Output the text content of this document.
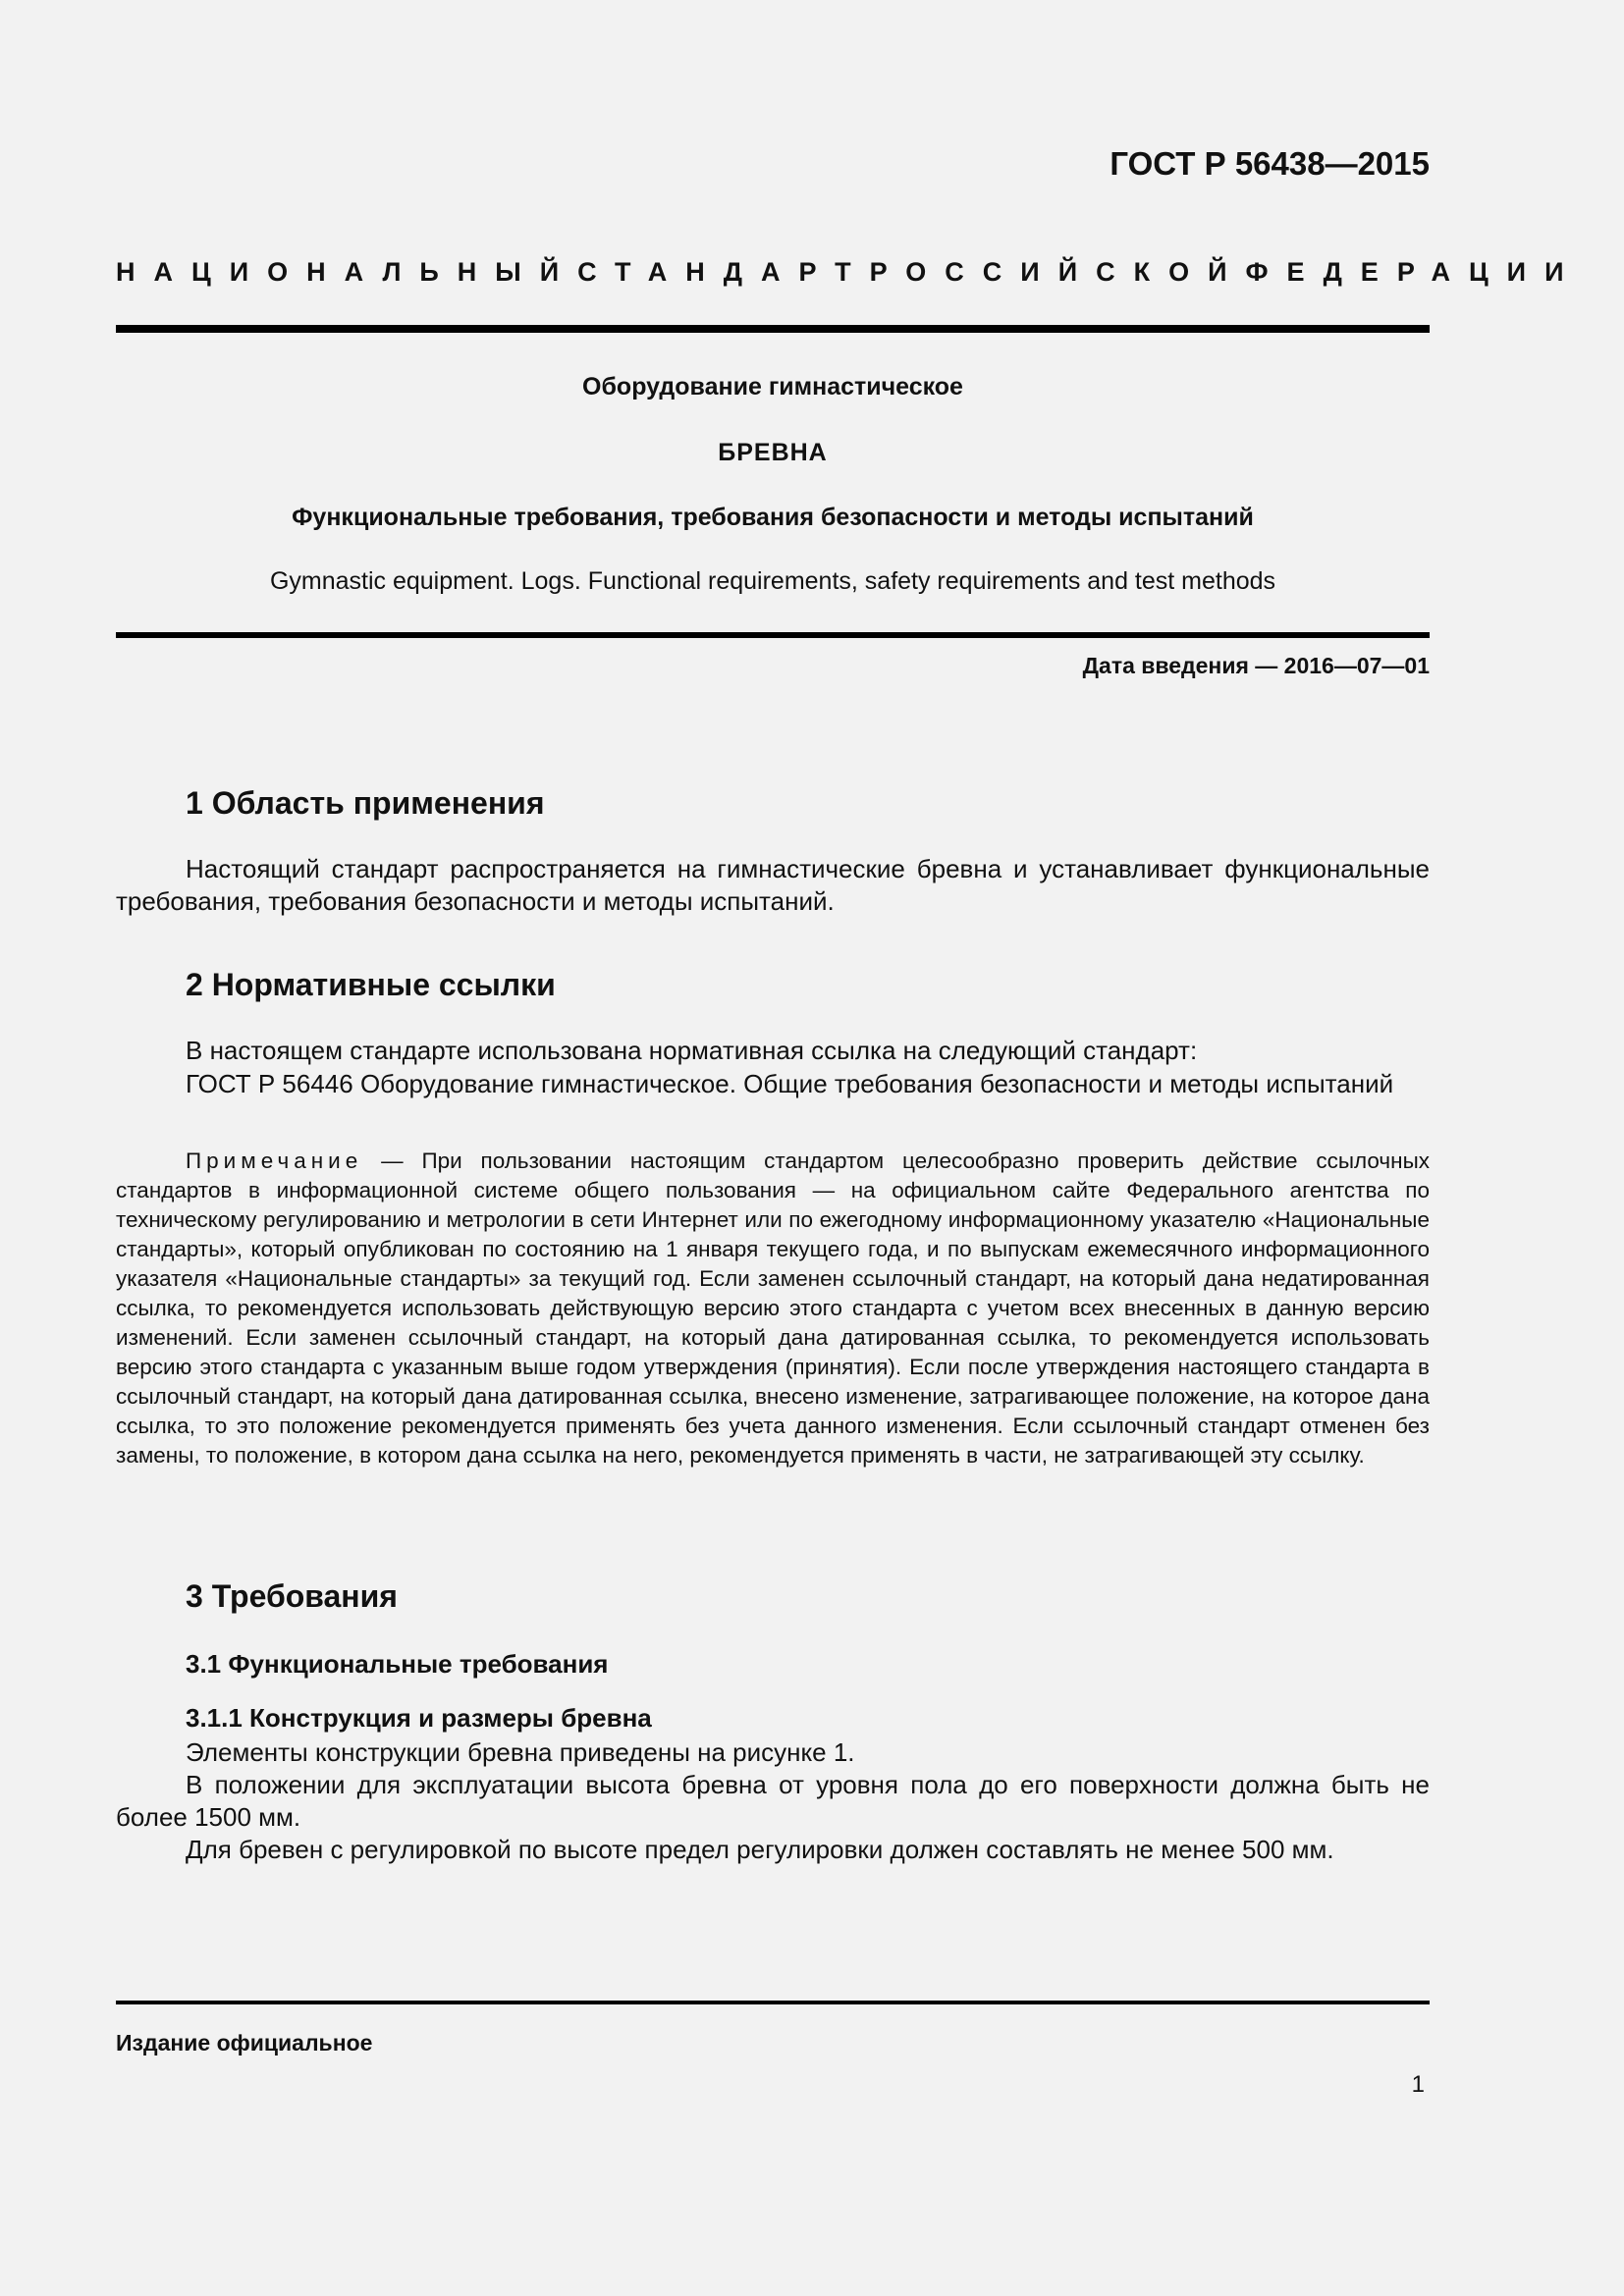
ГОСТ Р 56438—2015
НАЦИОНАЛЬНЫЙ СТАНДАРТ РОССИЙСКОЙ ФЕДЕРАЦИИ
Оборудование гимнастическое
БРЕВНА
Функциональные требования, требования безопасности и методы испытаний
Gymnastic equipment. Logs. Functional requirements, safety requirements and test methods
Дата введения — 2016—07—01
1 Область применения
Настоящий стандарт распространяется на гимнастические бревна и устанавливает функциональные требования, требования безопасности и методы испытаний.
2 Нормативные ссылки
В настоящем стандарте использована нормативная ссылка на следующий стандарт:
ГОСТ Р 56446 Оборудование гимнастическое. Общие требования безопасности и методы испытаний
Примечание — При пользовании настоящим стандартом целесообразно проверить действие ссылочных стандартов в информационной системе общего пользования — на официальном сайте Федерального агентства по техническому регулированию и метрологии в сети Интернет или по ежегодному информационному указателю «Национальные стандарты», который опубликован по состоянию на 1 января текущего года, и по выпускам ежемесячного информационного указателя «Национальные стандарты» за текущий год. Если заменен ссылочный стандарт, на который дана недатированная ссылка, то рекомендуется использовать действующую версию этого стандарта с учетом всех внесенных в данную версию изменений. Если заменен ссылочный стандарт, на который дана датированная ссылка, то рекомендуется использовать версию этого стандарта с указанным выше годом утверждения (принятия). Если после утверждения настоящего стандарта в ссылочный стандарт, на который дана датированная ссылка, внесено изменение, затрагивающее положение, на которое дана ссылка, то это положение рекомендуется применять без учета данного изменения. Если ссылочный стандарт отменен без замены, то положение, в котором дана ссылка на него, рекомендуется применять в части, не затрагивающей эту ссылку.
3 Требования
3.1 Функциональные требования
3.1.1 Конструкция и размеры бревна
Элементы конструкции бревна приведены на рисунке 1.
В положении для эксплуатации высота бревна от уровня пола до его поверхности должна быть не более 1500 мм.
Для бревен с регулировкой по высоте предел регулировки должен составлять не менее 500 мм.
Издание официальное
1
